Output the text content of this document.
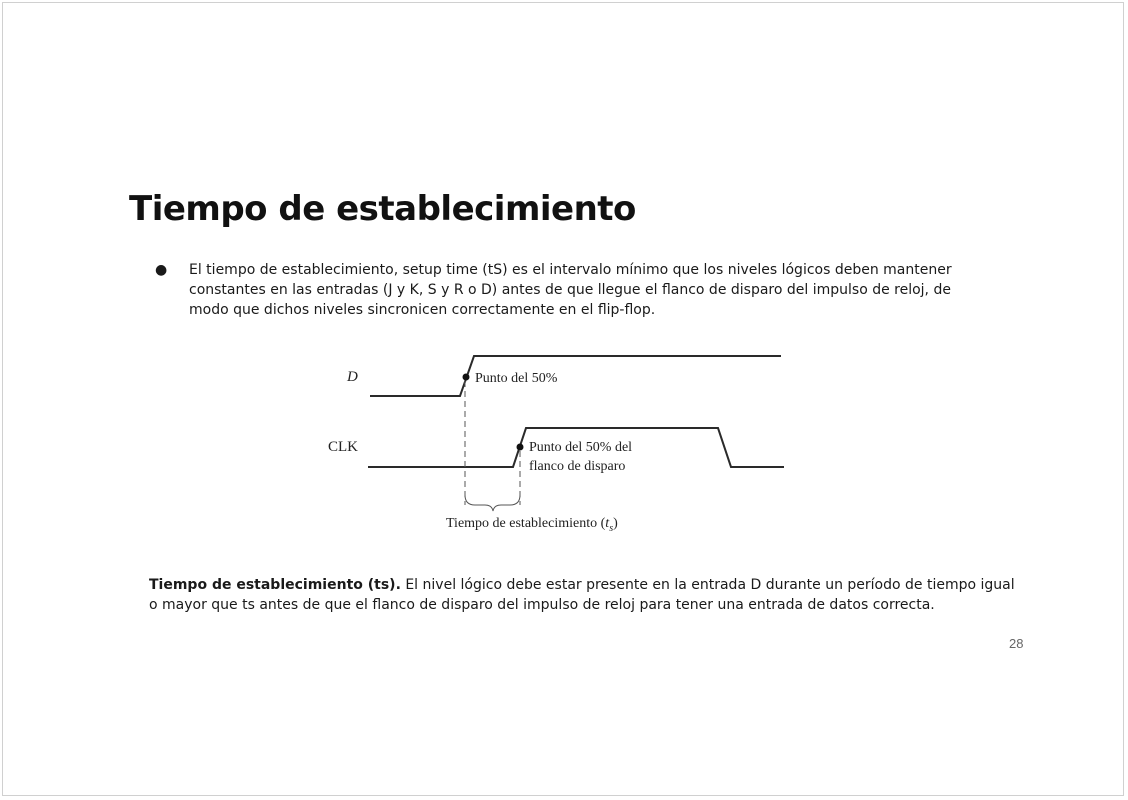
Tiempo de establecimiento
● El tiempo de establecimiento, setup time (tS) es el intervalo mínimo que los niveles lógicos deben mantener constantes en las entradas (J y K, S y R o D) antes de que llegue el flanco de disparo del impulso de reloj, de modo que dichos niveles sincronicen correctamente en el flip-flop.
D
CLK
Punto del 50%
Punto del 50% del
flanco de disparo
Tiempo de establecimiento $(t_s)$
Tiempo de establecimiento (ts). El nivel lógico debe estar presente en la entrada D durante un período de tiempo igual o mayor que ts antes de que el flanco de disparo del impulso de reloj para tener una entrada de datos correcta.
28
